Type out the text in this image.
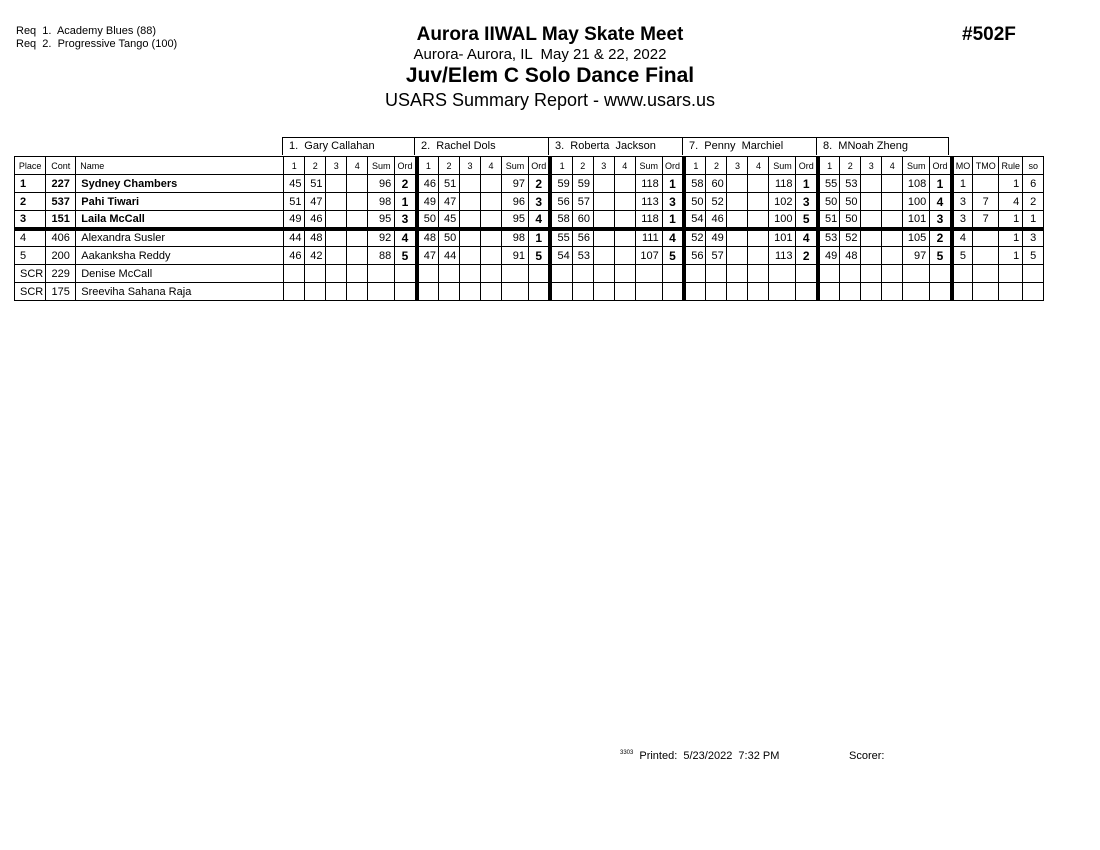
Req  1.  Academy Blues (88)
Req  2.  Progressive Tango (100)	Aurora IIWAL May Skate Meet
Aurora- Aurora, IL  May 21 & 22, 2022
Juv/Elem C Solo Dance Final
USARS Summary Report - www.usars.us
#502F
1.  Gary Callahan	2.  Rachel Dols	3.  Roberta  Jackson	7.  Penny  Marchiel	8.  MNoah Zheng
Place	Cont	Name	1	2	3	4	Sum	Ord	1	2	3	4	Sum	Ord	1	2	3	4	Sum	Ord	1	2	3	4	Sum	Ord	1	2	3	4	Sum	Ord	MO	TMO	Rule	so
1	227	Sydney Chambers	45	51			96	2	46	51			97	2	59	59			118	1	58	60			118	1	55	53			108	1	1		1	6
2	537	Pahi Tiwari	51	47			98	1	49	47			96	3	56	57			113	3	50	52			102	3	50	50			100	4	3	7	4	2
3	151	Laila McCall	49	46			95	3	50	45			95	4	58	60			118	1	54	46			100	5	51	50			101	3	3	7	1	1
4	406	Alexandra Susler	44	48			92	4	48	50			98	1	55	56			111	4	52	49			101	4	53	52			105	2	4		1	3
5	200	Aakanksha Reddy	46	42			88	5	47	44			91	5	54	53			107	5	56	57			113	2	49	48			97	5	5		1	5
SCR	229	Denise McCall																																		
SCR	175	Sreeviha Sahana Raja																																		
$^{3303}$ Printed:  5/23/2022  7:32 PM	Scorer:
